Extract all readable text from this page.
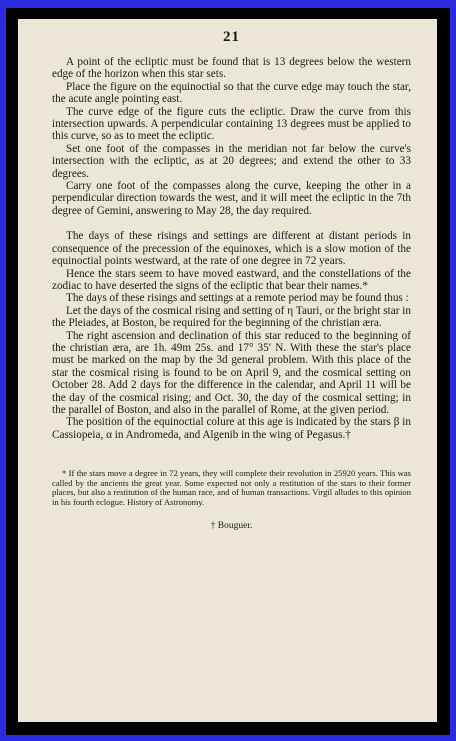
21

A point of the ecliptic must be found that is 13 degrees below the western edge of the horizon when this star sets.

Place the figure on the equinoctial so that the curve edge may touch the star, the acute angle pointing east.

The curve edge of the figure cuts the ecliptic. Draw the curve from this intersection upwards. A perpendicular containing 13 degrees must be applied to this curve, so as to meet the ecliptic.

Set one foot of the compasses in the meridian not far below the curve's intersection with the ecliptic, as at 20 degrees; and extend the other to 33 degrees.

Carry one foot of the compasses along the curve, keeping the other in a perpendicular direction towards the west, and it will meet the ecliptic in the 7th degree of Gemini, answering to May 28, the day required.

The days of these risings and settings are different at distant periods in consequence of the precession of the equinoxes, which is a slow motion of the equinoctial points westward, at the rate of one degree in 72 years.

Hence the stars seem to have moved eastward, and the constellations of the zodiac to have deserted the signs of the ecliptic that bear their names.*

The days of these risings and settings at a remote period may be found thus :

Let the days of the cosmical rising and setting of η Tauri, or the bright star in the Pleiades, at Boston, be required for the beginning of the christian æra.

The right ascension and declination of this star reduced to the beginning of the christian æra, are 1h. 49m 25s. and 17° 35′ N. With these the star's place must be marked on the map by the 3d general problem. With this place of the star the cosmical rising is found to be on April 9, and the cosmical setting on October 28. Add 2 days for the difference in the calendar, and April 11 will be the day of the cosmical rising; and Oct. 30, the day of the cosmical setting; in the parallel of Boston, and also in the parallel of Rome, at the given period.

The position of the equinoctial colure at this age is indicated by the stars β in Cassiopeia, α in Andromeda, and Algenib in the wing of Pegasus.†

* If the stars move a degree in 72 years, they will complete their revolution in 25920 years. This was called by the ancients the great year. Some expected not only a restitution of the stars to their former places, but also a restitution of the human race, and of human transactions. Virgil alludes to this opinion in his fourth eclogue. History of Astronomy.

† Bouguer.
